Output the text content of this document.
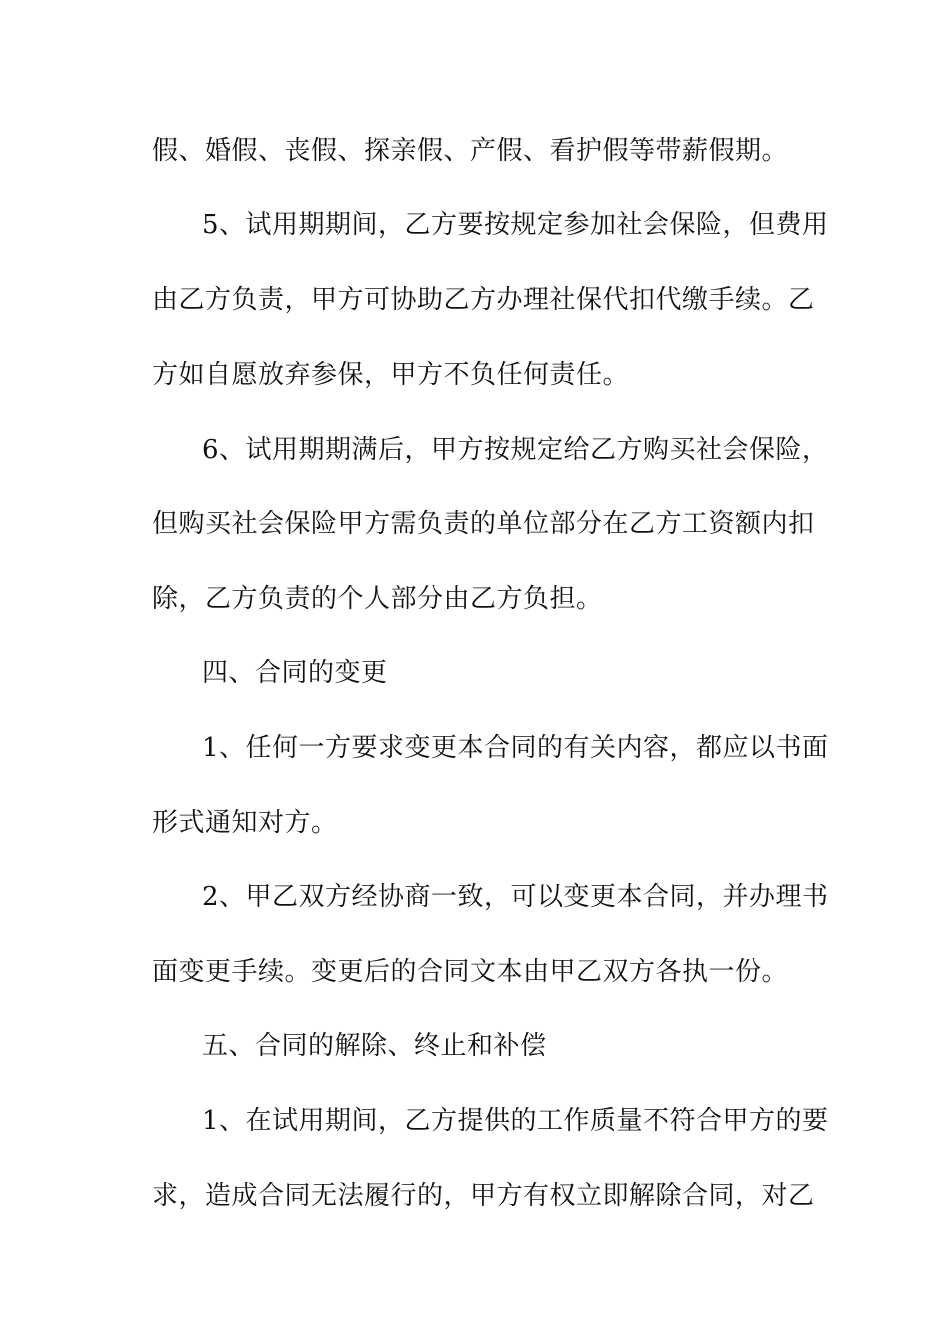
假、婚假、丧假、探亲假、产假、看护假等带薪假期。
5、试用期期间，乙方要按规定参加社会保险，但费用
由乙方负责，甲方可协助乙方办理社保代扣代缴手续。乙
方如自愿放弃参保，甲方不负任何责任。
6、试用期期满后，甲方按规定给乙方购买社会保险，
但购买社会保险甲方需负责的单位部分在乙方工资额内扣
除，乙方负责的个人部分由乙方负担。
四、合同的变更
1、任何一方要求变更本合同的有关内容，都应以书面
形式通知对方。
2、甲乙双方经协商一致，可以变更本合同，并办理书
面变更手续。变更后的合同文本由甲乙双方各执一份。
五、合同的解除、终止和补偿
1、在试用期间，乙方提供的工作质量不符合甲方的要
求，造成合同无法履行的，甲方有权立即解除合同，对乙
